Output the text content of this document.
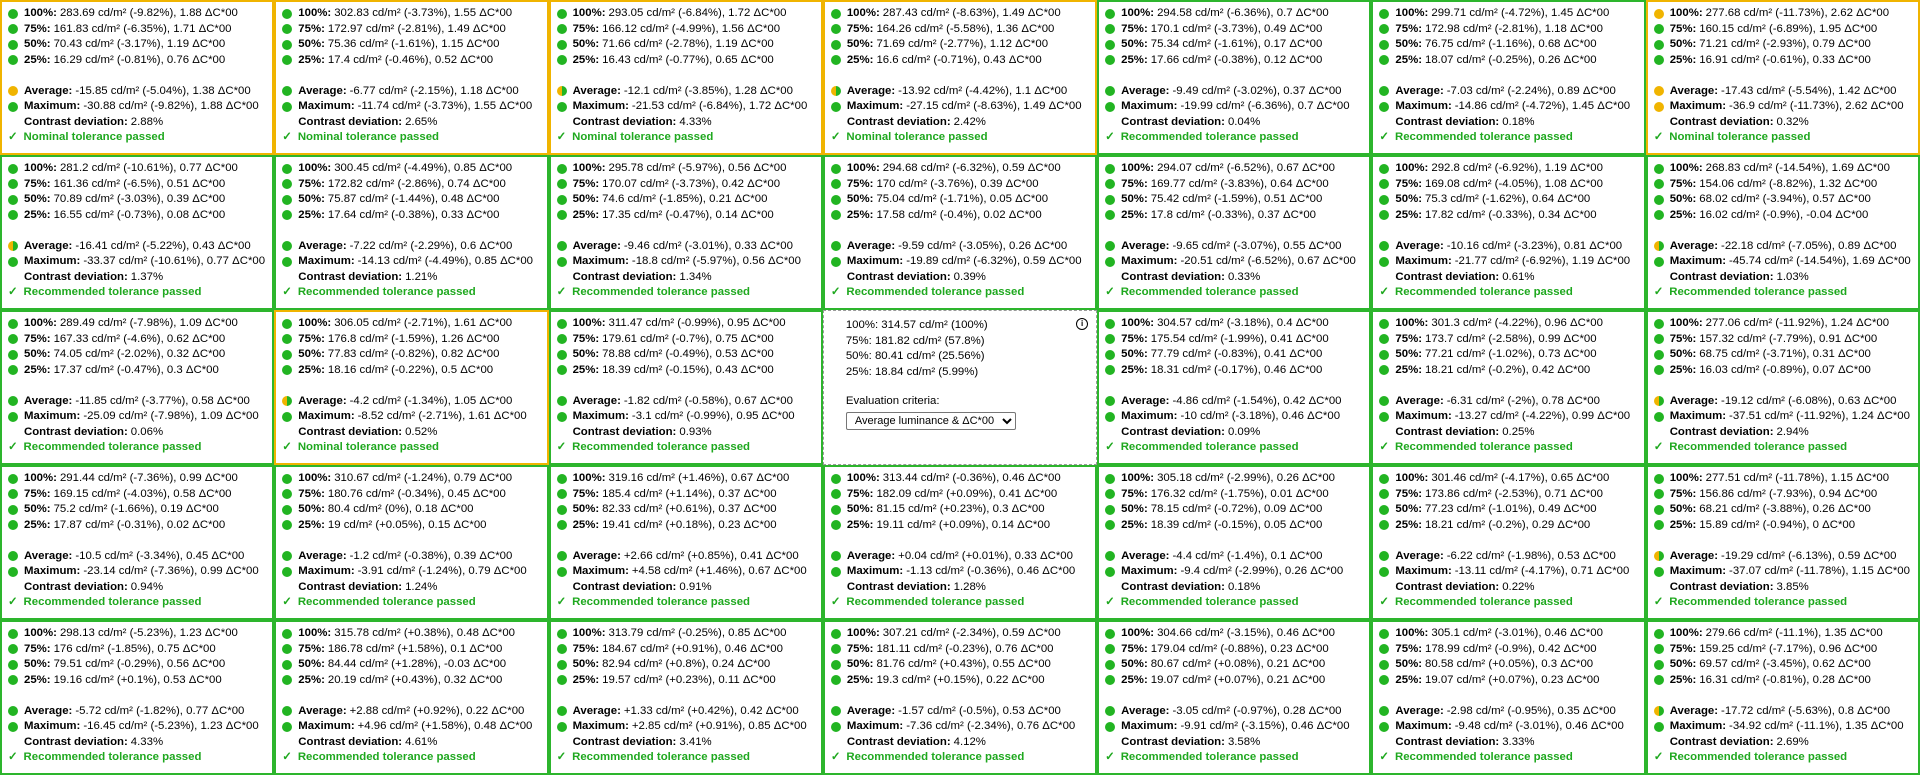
100%: 283.69 cd/m² (-9.82%), 1.88 ΔC*00
75%: 161.83 cd/m² (-6.35%), 1.71 ΔC*00
50%: 70.43 cd/m² (-3.17%), 1.19 ΔC*00
25%: 16.29 cd/m² (-0.81%), 0.76 ΔC*00
Average: -15.85 cd/m² (-5.04%), 1.38 ΔC*00
Maximum: -30.88 cd/m² (-9.82%), 1.88 ΔC*00
Contrast deviation: 2.88%
✓ Nominal tolerance passed
100%: 302.83 cd/m² (-3.73%), 1.55 ΔC*00
75%: 172.97 cd/m² (-2.81%), 1.49 ΔC*00
50%: 75.36 cd/m² (-1.61%), 1.15 ΔC*00
25%: 17.4 cd/m² (-0.46%), 0.52 ΔC*00
Average: -6.77 cd/m² (-2.15%), 1.18 ΔC*00
Maximum: -11.74 cd/m² (-3.73%), 1.55 ΔC*00
Contrast deviation: 2.65%
✓ Nominal tolerance passed
100%: 293.05 cd/m² (-6.84%), 1.72 ΔC*00
75%: 166.12 cd/m² (-4.99%), 1.56 ΔC*00
50%: 71.66 cd/m² (-2.78%), 1.19 ΔC*00
25%: 16.43 cd/m² (-0.77%), 0.65 ΔC*00
Average: -12.1 cd/m² (-3.85%), 1.28 ΔC*00
Maximum: -21.53 cd/m² (-6.84%), 1.72 ΔC*00
Contrast deviation: 4.33%
✓ Nominal tolerance passed
100%: 287.43 cd/m² (-8.63%), 1.49 ΔC*00
75%: 164.26 cd/m² (-5.58%), 1.36 ΔC*00
50%: 71.69 cd/m² (-2.77%), 1.12 ΔC*00
25%: 16.6 cd/m² (-0.71%), 0.43 ΔC*00
Average: -13.92 cd/m² (-4.42%), 1.1 ΔC*00
Maximum: -27.15 cd/m² (-8.63%), 1.49 ΔC*00
Contrast deviation: 2.42%
✓ Nominal tolerance passed
100%: 294.58 cd/m² (-6.36%), 0.7 ΔC*00
75%: 170.1 cd/m² (-3.73%), 0.49 ΔC*00
50%: 75.34 cd/m² (-1.61%), 0.17 ΔC*00
25%: 17.66 cd/m² (-0.38%), 0.12 ΔC*00
Average: -9.49 cd/m² (-3.02%), 0.37 ΔC*00
Maximum: -19.99 cd/m² (-6.36%), 0.7 ΔC*00
Contrast deviation: 0.04%
✓ Recommended tolerance passed
100%: 299.71 cd/m² (-4.72%), 1.45 ΔC*00
75%: 172.98 cd/m² (-2.81%), 1.18 ΔC*00
50%: 76.75 cd/m² (-1.16%), 0.68 ΔC*00
25%: 18.07 cd/m² (-0.25%), 0.26 ΔC*00
Average: -7.03 cd/m² (-2.24%), 0.89 ΔC*00
Maximum: -14.86 cd/m² (-4.72%), 1.45 ΔC*00
Contrast deviation: 0.18%
✓ Recommended tolerance passed
100%: 277.68 cd/m² (-11.73%), 2.62 ΔC*00
75%: 160.15 cd/m² (-6.89%), 1.95 ΔC*00
50%: 71.21 cd/m² (-2.93%), 0.79 ΔC*00
25%: 16.91 cd/m² (-0.61%), 0.33 ΔC*00
Average: -17.43 cd/m² (-5.54%), 1.42 ΔC*00
Maximum: -36.9 cd/m² (-11.73%), 2.62 ΔC*00
Contrast deviation: 0.32%
✓ Nominal tolerance passed
100%: 281.2 cd/m² (-10.61%), 0.77 ΔC*00
75%: 161.36 cd/m² (-6.5%), 0.51 ΔC*00
50%: 70.89 cd/m² (-3.03%), 0.39 ΔC*00
25%: 16.55 cd/m² (-0.73%), 0.08 ΔC*00
Average: -16.41 cd/m² (-5.22%), 0.43 ΔC*00
Maximum: -33.37 cd/m² (-10.61%), 0.77 ΔC*00
Contrast deviation: 1.37%
✓ Recommended tolerance passed
100%: 300.45 cd/m² (-4.49%), 0.85 ΔC*00
75%: 172.82 cd/m² (-2.86%), 0.74 ΔC*00
50%: 75.87 cd/m² (-1.44%), 0.48 ΔC*00
25%: 17.64 cd/m² (-0.38%), 0.33 ΔC*00
Average: -7.22 cd/m² (-2.29%), 0.6 ΔC*00
Maximum: -14.13 cd/m² (-4.49%), 0.85 ΔC*00
Contrast deviation: 1.21%
✓ Recommended tolerance passed
100%: 295.78 cd/m² (-5.97%), 0.56 ΔC*00
75%: 170.07 cd/m² (-3.73%), 0.42 ΔC*00
50%: 74.6 cd/m² (-1.85%), 0.21 ΔC*00
25%: 17.35 cd/m² (-0.47%), 0.14 ΔC*00
Average: -9.46 cd/m² (-3.01%), 0.33 ΔC*00
Maximum: -18.8 cd/m² (-5.97%), 0.56 ΔC*00
Contrast deviation: 1.34%
✓ Recommended tolerance passed
100%: 294.68 cd/m² (-6.32%), 0.59 ΔC*00
75%: 170 cd/m² (-3.76%), 0.39 ΔC*00
50%: 75.04 cd/m² (-1.71%), 0.05 ΔC*00
25%: 17.58 cd/m² (-0.4%), 0.02 ΔC*00
Average: -9.59 cd/m² (-3.05%), 0.26 ΔC*00
Maximum: -19.89 cd/m² (-6.32%), 0.59 ΔC*00
Contrast deviation: 0.39%
✓ Recommended tolerance passed
100%: 294.07 cd/m² (-6.52%), 0.67 ΔC*00
75%: 169.77 cd/m² (-3.83%), 0.64 ΔC*00
50%: 75.42 cd/m² (-1.59%), 0.51 ΔC*00
25%: 17.8 cd/m² (-0.33%), 0.37 ΔC*00
Average: -9.65 cd/m² (-3.07%), 0.55 ΔC*00
Maximum: -20.51 cd/m² (-6.52%), 0.67 ΔC*00
Contrast deviation: 0.33%
✓ Recommended tolerance passed
100%: 292.8 cd/m² (-6.92%), 1.19 ΔC*00
75%: 169.08 cd/m² (-4.05%), 1.08 ΔC*00
50%: 75.3 cd/m² (-1.62%), 0.64 ΔC*00
25%: 17.82 cd/m² (-0.33%), 0.34 ΔC*00
Average: -10.16 cd/m² (-3.23%), 0.81 ΔC*00
Maximum: -21.77 cd/m² (-6.92%), 1.19 ΔC*00
Contrast deviation: 0.61%
✓ Recommended tolerance passed
100%: 268.83 cd/m² (-14.54%), 1.69 ΔC*00
75%: 154.06 cd/m² (-8.82%), 1.32 ΔC*00
50%: 68.02 cd/m² (-3.94%), 0.57 ΔC*00
25%: 16.02 cd/m² (-0.9%), -0.04 ΔC*00
Average: -22.18 cd/m² (-7.05%), 0.89 ΔC*00
Maximum: -45.74 cd/m² (-14.54%), 1.69 ΔC*00
Contrast deviation: 1.03%
✓ Recommended tolerance passed
100%: 289.49 cd/m² (-7.98%), 1.09 ΔC*00
75%: 167.33 cd/m² (-4.6%), 0.62 ΔC*00
50%: 74.05 cd/m² (-2.02%), 0.32 ΔC*00
25%: 17.37 cd/m² (-0.47%), 0.3 ΔC*00
Average: -11.85 cd/m² (-3.77%), 0.58 ΔC*00
Maximum: -25.09 cd/m² (-7.98%), 1.09 ΔC*00
Contrast deviation: 0.06%
✓ Recommended tolerance passed
100%: 306.05 cd/m² (-2.71%), 1.61 ΔC*00
75%: 176.8 cd/m² (-1.59%), 1.26 ΔC*00
50%: 77.83 cd/m² (-0.82%), 0.82 ΔC*00
25%: 18.16 cd/m² (-0.22%), 0.5 ΔC*00
Average: -4.2 cd/m² (-1.34%), 1.05 ΔC*00
Maximum: -8.52 cd/m² (-2.71%), 1.61 ΔC*00
Contrast deviation: 0.52%
✓ Nominal tolerance passed
100%: 311.47 cd/m² (-0.99%), 0.95 ΔC*00
75%: 179.61 cd/m² (-0.7%), 0.75 ΔC*00
50%: 78.88 cd/m² (-0.49%), 0.53 ΔC*00
25%: 18.39 cd/m² (-0.15%), 0.43 ΔC*00
Average: -1.82 cd/m² (-0.58%), 0.67 ΔC*00
Maximum: -3.1 cd/m² (-0.99%), 0.95 ΔC*00
Contrast deviation: 0.93%
✓ Recommended tolerance passed
i
100%: 314.57 cd/m² (100%)
75%: 181.82 cd/m² (57.8%)
50%: 80.41 cd/m² (25.56%)
25%: 18.84 cd/m² (5.99%)
Evaluation criteria:
Average luminance & ΔC*00
100%: 304.57 cd/m² (-3.18%), 0.4 ΔC*00
75%: 175.54 cd/m² (-1.99%), 0.41 ΔC*00
50%: 77.79 cd/m² (-0.83%), 0.41 ΔC*00
25%: 18.31 cd/m² (-0.17%), 0.46 ΔC*00
Average: -4.86 cd/m² (-1.54%), 0.42 ΔC*00
Maximum: -10 cd/m² (-3.18%), 0.46 ΔC*00
Contrast deviation: 0.09%
✓ Recommended tolerance passed
100%: 301.3 cd/m² (-4.22%), 0.96 ΔC*00
75%: 173.7 cd/m² (-2.58%), 0.99 ΔC*00
50%: 77.21 cd/m² (-1.02%), 0.73 ΔC*00
25%: 18.21 cd/m² (-0.2%), 0.42 ΔC*00
Average: -6.31 cd/m² (-2%), 0.78 ΔC*00
Maximum: -13.27 cd/m² (-4.22%), 0.99 ΔC*00
Contrast deviation: 0.25%
✓ Recommended tolerance passed
100%: 277.06 cd/m² (-11.92%), 1.24 ΔC*00
75%: 157.32 cd/m² (-7.79%), 0.91 ΔC*00
50%: 68.75 cd/m² (-3.71%), 0.31 ΔC*00
25%: 16.03 cd/m² (-0.89%), 0.07 ΔC*00
Average: -19.12 cd/m² (-6.08%), 0.63 ΔC*00
Maximum: -37.51 cd/m² (-11.92%), 1.24 ΔC*00
Contrast deviation: 2.94%
✓ Recommended tolerance passed
100%: 291.44 cd/m² (-7.36%), 0.99 ΔC*00
75%: 169.15 cd/m² (-4.03%), 0.58 ΔC*00
50%: 75.2 cd/m² (-1.66%), 0.19 ΔC*00
25%: 17.87 cd/m² (-0.31%), 0.02 ΔC*00
Average: -10.5 cd/m² (-3.34%), 0.45 ΔC*00
Maximum: -23.14 cd/m² (-7.36%), 0.99 ΔC*00
Contrast deviation: 0.94%
✓ Recommended tolerance passed
100%: 310.67 cd/m² (-1.24%), 0.79 ΔC*00
75%: 180.76 cd/m² (-0.34%), 0.45 ΔC*00
50%: 80.4 cd/m² (0%), 0.18 ΔC*00
25%: 19 cd/m² (+0.05%), 0.15 ΔC*00
Average: -1.2 cd/m² (-0.38%), 0.39 ΔC*00
Maximum: -3.91 cd/m² (-1.24%), 0.79 ΔC*00
Contrast deviation: 1.24%
✓ Recommended tolerance passed
100%: 319.16 cd/m² (+1.46%), 0.67 ΔC*00
75%: 185.4 cd/m² (+1.14%), 0.37 ΔC*00
50%: 82.33 cd/m² (+0.61%), 0.37 ΔC*00
25%: 19.41 cd/m² (+0.18%), 0.23 ΔC*00
Average: +2.66 cd/m² (+0.85%), 0.41 ΔC*00
Maximum: +4.58 cd/m² (+1.46%), 0.67 ΔC*00
Contrast deviation: 0.91%
✓ Recommended tolerance passed
100%: 313.44 cd/m² (-0.36%), 0.46 ΔC*00
75%: 182.09 cd/m² (+0.09%), 0.41 ΔC*00
50%: 81.15 cd/m² (+0.23%), 0.3 ΔC*00
25%: 19.11 cd/m² (+0.09%), 0.14 ΔC*00
Average: +0.04 cd/m² (+0.01%), 0.33 ΔC*00
Maximum: -1.13 cd/m² (-0.36%), 0.46 ΔC*00
Contrast deviation: 1.28%
✓ Recommended tolerance passed
100%: 305.18 cd/m² (-2.99%), 0.26 ΔC*00
75%: 176.32 cd/m² (-1.75%), 0.01 ΔC*00
50%: 78.15 cd/m² (-0.72%), 0.09 ΔC*00
25%: 18.39 cd/m² (-0.15%), 0.05 ΔC*00
Average: -4.4 cd/m² (-1.4%), 0.1 ΔC*00
Maximum: -9.4 cd/m² (-2.99%), 0.26 ΔC*00
Contrast deviation: 0.18%
✓ Recommended tolerance passed
100%: 301.46 cd/m² (-4.17%), 0.65 ΔC*00
75%: 173.86 cd/m² (-2.53%), 0.71 ΔC*00
50%: 77.23 cd/m² (-1.01%), 0.49 ΔC*00
25%: 18.21 cd/m² (-0.2%), 0.29 ΔC*00
Average: -6.22 cd/m² (-1.98%), 0.53 ΔC*00
Maximum: -13.11 cd/m² (-4.17%), 0.71 ΔC*00
Contrast deviation: 0.22%
✓ Recommended tolerance passed
100%: 277.51 cd/m² (-11.78%), 1.15 ΔC*00
75%: 156.86 cd/m² (-7.93%), 0.94 ΔC*00
50%: 68.21 cd/m² (-3.88%), 0.26 ΔC*00
25%: 15.89 cd/m² (-0.94%), 0 ΔC*00
Average: -19.29 cd/m² (-6.13%), 0.59 ΔC*00
Maximum: -37.07 cd/m² (-11.78%), 1.15 ΔC*00
Contrast deviation: 3.85%
✓ Recommended tolerance passed
100%: 298.13 cd/m² (-5.23%), 1.23 ΔC*00
75%: 176 cd/m² (-1.85%), 0.75 ΔC*00
50%: 79.51 cd/m² (-0.29%), 0.56 ΔC*00
25%: 19.16 cd/m² (+0.1%), 0.53 ΔC*00
Average: -5.72 cd/m² (-1.82%), 0.77 ΔC*00
Maximum: -16.45 cd/m² (-5.23%), 1.23 ΔC*00
Contrast deviation: 4.33%
✓ Recommended tolerance passed
100%: 315.78 cd/m² (+0.38%), 0.48 ΔC*00
75%: 186.78 cd/m² (+1.58%), 0.1 ΔC*00
50%: 84.44 cd/m² (+1.28%), -0.03 ΔC*00
25%: 20.19 cd/m² (+0.43%), 0.32 ΔC*00
Average: +2.88 cd/m² (+0.92%), 0.22 ΔC*00
Maximum: +4.96 cd/m² (+1.58%), 0.48 ΔC*00
Contrast deviation: 4.61%
✓ Recommended tolerance passed
100%: 313.79 cd/m² (-0.25%), 0.85 ΔC*00
75%: 184.67 cd/m² (+0.91%), 0.46 ΔC*00
50%: 82.94 cd/m² (+0.8%), 0.24 ΔC*00
25%: 19.57 cd/m² (+0.23%), 0.11 ΔC*00
Average: +1.33 cd/m² (+0.42%), 0.42 ΔC*00
Maximum: +2.85 cd/m² (+0.91%), 0.85 ΔC*00
Contrast deviation: 3.41%
✓ Recommended tolerance passed
100%: 307.21 cd/m² (-2.34%), 0.59 ΔC*00
75%: 181.11 cd/m² (-0.23%), 0.76 ΔC*00
50%: 81.76 cd/m² (+0.43%), 0.55 ΔC*00
25%: 19.3 cd/m² (+0.15%), 0.22 ΔC*00
Average: -1.57 cd/m² (-0.5%), 0.53 ΔC*00
Maximum: -7.36 cd/m² (-2.34%), 0.76 ΔC*00
Contrast deviation: 4.12%
✓ Recommended tolerance passed
100%: 304.66 cd/m² (-3.15%), 0.46 ΔC*00
75%: 179.04 cd/m² (-0.88%), 0.23 ΔC*00
50%: 80.67 cd/m² (+0.08%), 0.21 ΔC*00
25%: 19.07 cd/m² (+0.07%), 0.21 ΔC*00
Average: -3.05 cd/m² (-0.97%), 0.28 ΔC*00
Maximum: -9.91 cd/m² (-3.15%), 0.46 ΔC*00
Contrast deviation: 3.58%
✓ Recommended tolerance passed
100%: 305.1 cd/m² (-3.01%), 0.46 ΔC*00
75%: 178.99 cd/m² (-0.9%), 0.42 ΔC*00
50%: 80.58 cd/m² (+0.05%), 0.3 ΔC*00
25%: 19.07 cd/m² (+0.07%), 0.23 ΔC*00
Average: -2.98 cd/m² (-0.95%), 0.35 ΔC*00
Maximum: -9.48 cd/m² (-3.01%), 0.46 ΔC*00
Contrast deviation: 3.33%
✓ Recommended tolerance passed
100%: 279.66 cd/m² (-11.1%), 1.35 ΔC*00
75%: 159.25 cd/m² (-7.17%), 0.96 ΔC*00
50%: 69.57 cd/m² (-3.45%), 0.62 ΔC*00
25%: 16.31 cd/m² (-0.81%), 0.28 ΔC*00
Average: -17.72 cd/m² (-5.63%), 0.8 ΔC*00
Maximum: -34.92 cd/m² (-11.1%), 1.35 ΔC*00
Contrast deviation: 2.69%
✓ Recommended tolerance passed
